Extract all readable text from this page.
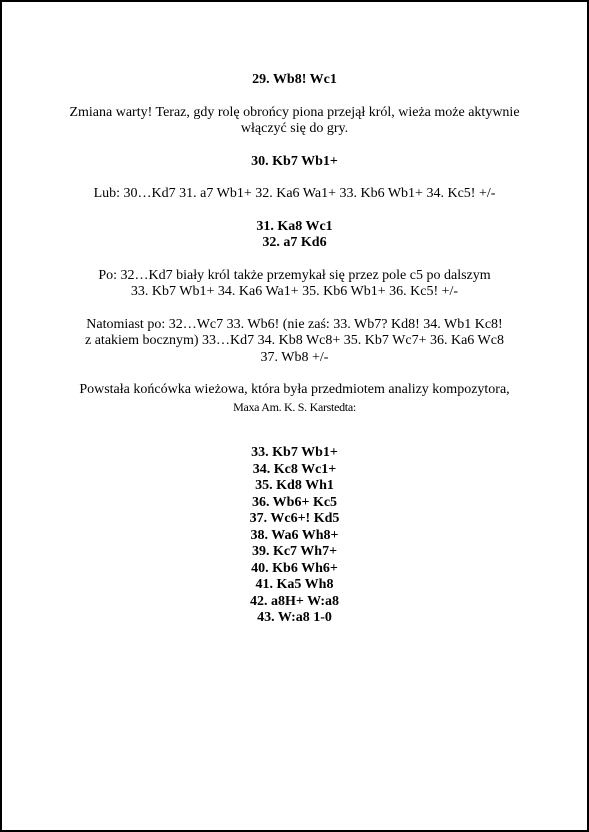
29. Wb8! Wc1
Zmiana warty! Teraz, gdy rolę obrońcy piona przejął król, wieża może aktywnie
włączyć się do gry.
30. Kb7 Wb1+
Lub: 30…Kd7 31. a7 Wb1+ 32. Ka6 Wa1+ 33. Kb6 Wb1+ 34. Kc5! +/-
31. Ka8 Wc1
32. a7 Kd6
Po: 32…Kd7 biały król także przemykał się przez pole c5 po dalszym
33. Kb7 Wb1+ 34. Ka6 Wa1+ 35. Kb6 Wb1+ 36. Kc5! +/-
Natomiast po: 32…Wc7 33. Wb6! (nie zaś: 33. Wb7? Kd8! 34. Wb1 Kc8!
z atakiem bocznym) 33…Kd7 34. Kb8 Wc8+ 35. Kb7 Wc7+ 36. Ka6 Wc8
37. Wb8 +/-
Powstała końcówka wieżowa, która była przedmiotem analizy kompozytora,
Maxa Am. K. S. Karstedta:
33. Kb7 Wb1+
34. Kc8 Wc1+
35. Kd8 Wh1
36. Wb6+ Kc5
37. Wc6+! Kd5
38. Wa6 Wh8+
39. Kc7 Wh7+
40. Kb6 Wh6+
41. Ka5 Wh8
42. a8H+ W:a8
43. W:a8 1-0
